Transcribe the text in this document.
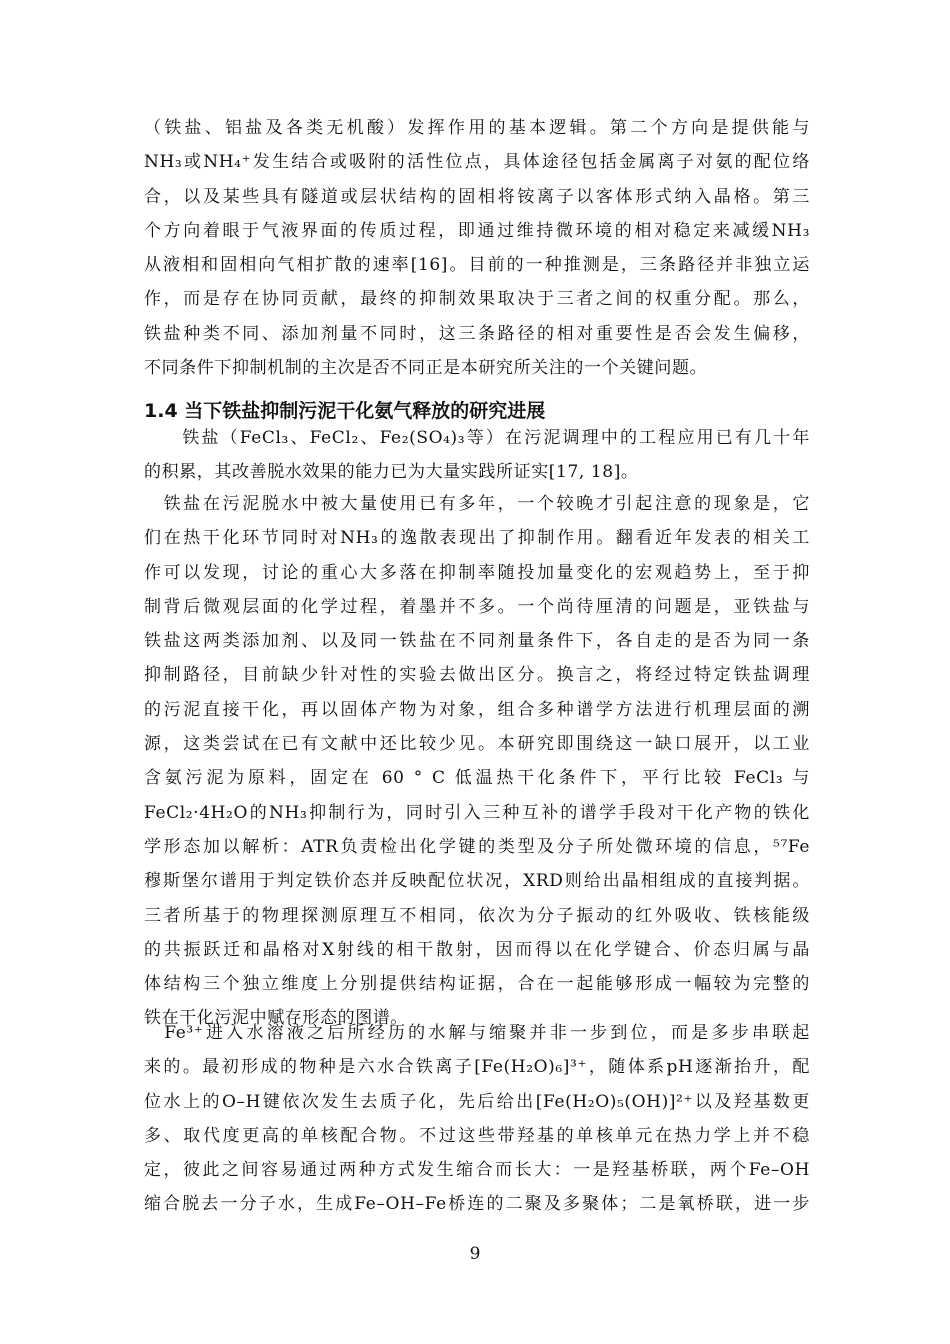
（铁盐、铝盐及各类无机酸）发挥作用的基本逻辑。第二个方向是提供能与
NH₃或NH₄⁺发生结合或吸附的活性位点，具体途径包括金属离子对氨的配位络
合，以及某些具有隧道或层状结构的固相将铵离子以客体形式纳入晶格。第三
个方向着眼于气液界面的传质过程，即通过维持微环境的相对稳定来减缓NH₃
从液相和固相向气相扩散的速率[16]。目前的一种推测是，三条路径并非独立运
作，而是存在协同贡献，最终的抑制效果取决于三者之间的权重分配。那么，
铁盐种类不同、添加剂量不同时，这三条路径的相对重要性是否会发生偏移，
不同条件下抑制机制的主次是否不同正是本研究所关注的一个关键问题。
1.4 当下铁盐抑制污泥干化氨气释放的研究进展
　　铁盐（FeCl₃、FeCl₂、Fe₂(SO₄)₃等）在污泥调理中的工程应用已有几十年
的积累，其改善脱水效果的能力已为大量实践所证实[17, 18]。
　铁盐在污泥脱水中被大量使用已有多年，一个较晚才引起注意的现象是，它
们在热干化环节同时对NH₃的逸散表现出了抑制作用。翻看近年发表的相关工
作可以发现，讨论的重心大多落在抑制率随投加量变化的宏观趋势上，至于抑
制背后微观层面的化学过程，着墨并不多。一个尚待厘清的问题是，亚铁盐与
铁盐这两类添加剂、以及同一铁盐在不同剂量条件下，各自走的是否为同一条
抑制路径，目前缺少针对性的实验去做出区分。换言之，将经过特定铁盐调理
的污泥直接干化，再以固体产物为对象，组合多种谱学方法进行机理层面的溯
源，这类尝试在已有文献中还比较少见。本研究即围绕这一缺口展开，以工业
含氨污泥为原料，固定在 60 ° C 低温热干化条件下，平行比较 FeCl₃ 与
FeCl₂·4H₂O的NH₃抑制行为，同时引入三种互补的谱学手段对干化产物的铁化
学形态加以解析：ATR负责检出化学键的类型及分子所处微环境的信息，⁵⁷Fe
穆斯堡尔谱用于判定铁价态并反映配位状况，XRD则给出晶相组成的直接判据。
三者所基于的物理探测原理互不相同，依次为分子振动的红外吸收、铁核能级
的共振跃迁和晶格对X射线的相干散射，因而得以在化学键合、价态归属与晶
体结构三个独立维度上分别提供结构证据，合在一起能够形成一幅较为完整的
铁在干化污泥中赋存形态的图谱。
　Fe³⁺进入水溶液之后所经历的水解与缩聚并非一步到位，而是多步串联起
来的。最初形成的物种是六水合铁离子[Fe(H₂O)₆]³⁺，随体系pH逐渐抬升，配
位水上的O–H键依次发生去质子化，先后给出[Fe(H₂O)₅(OH)]²⁺以及羟基数更
多、取代度更高的单核配合物。不过这些带羟基的单核单元在热力学上并不稳
定，彼此之间容易通过两种方式发生缩合而长大：一是羟基桥联，两个Fe–OH
缩合脱去一分子水，生成Fe–OH–Fe桥连的二聚及多聚体；二是氧桥联，进一步
9
